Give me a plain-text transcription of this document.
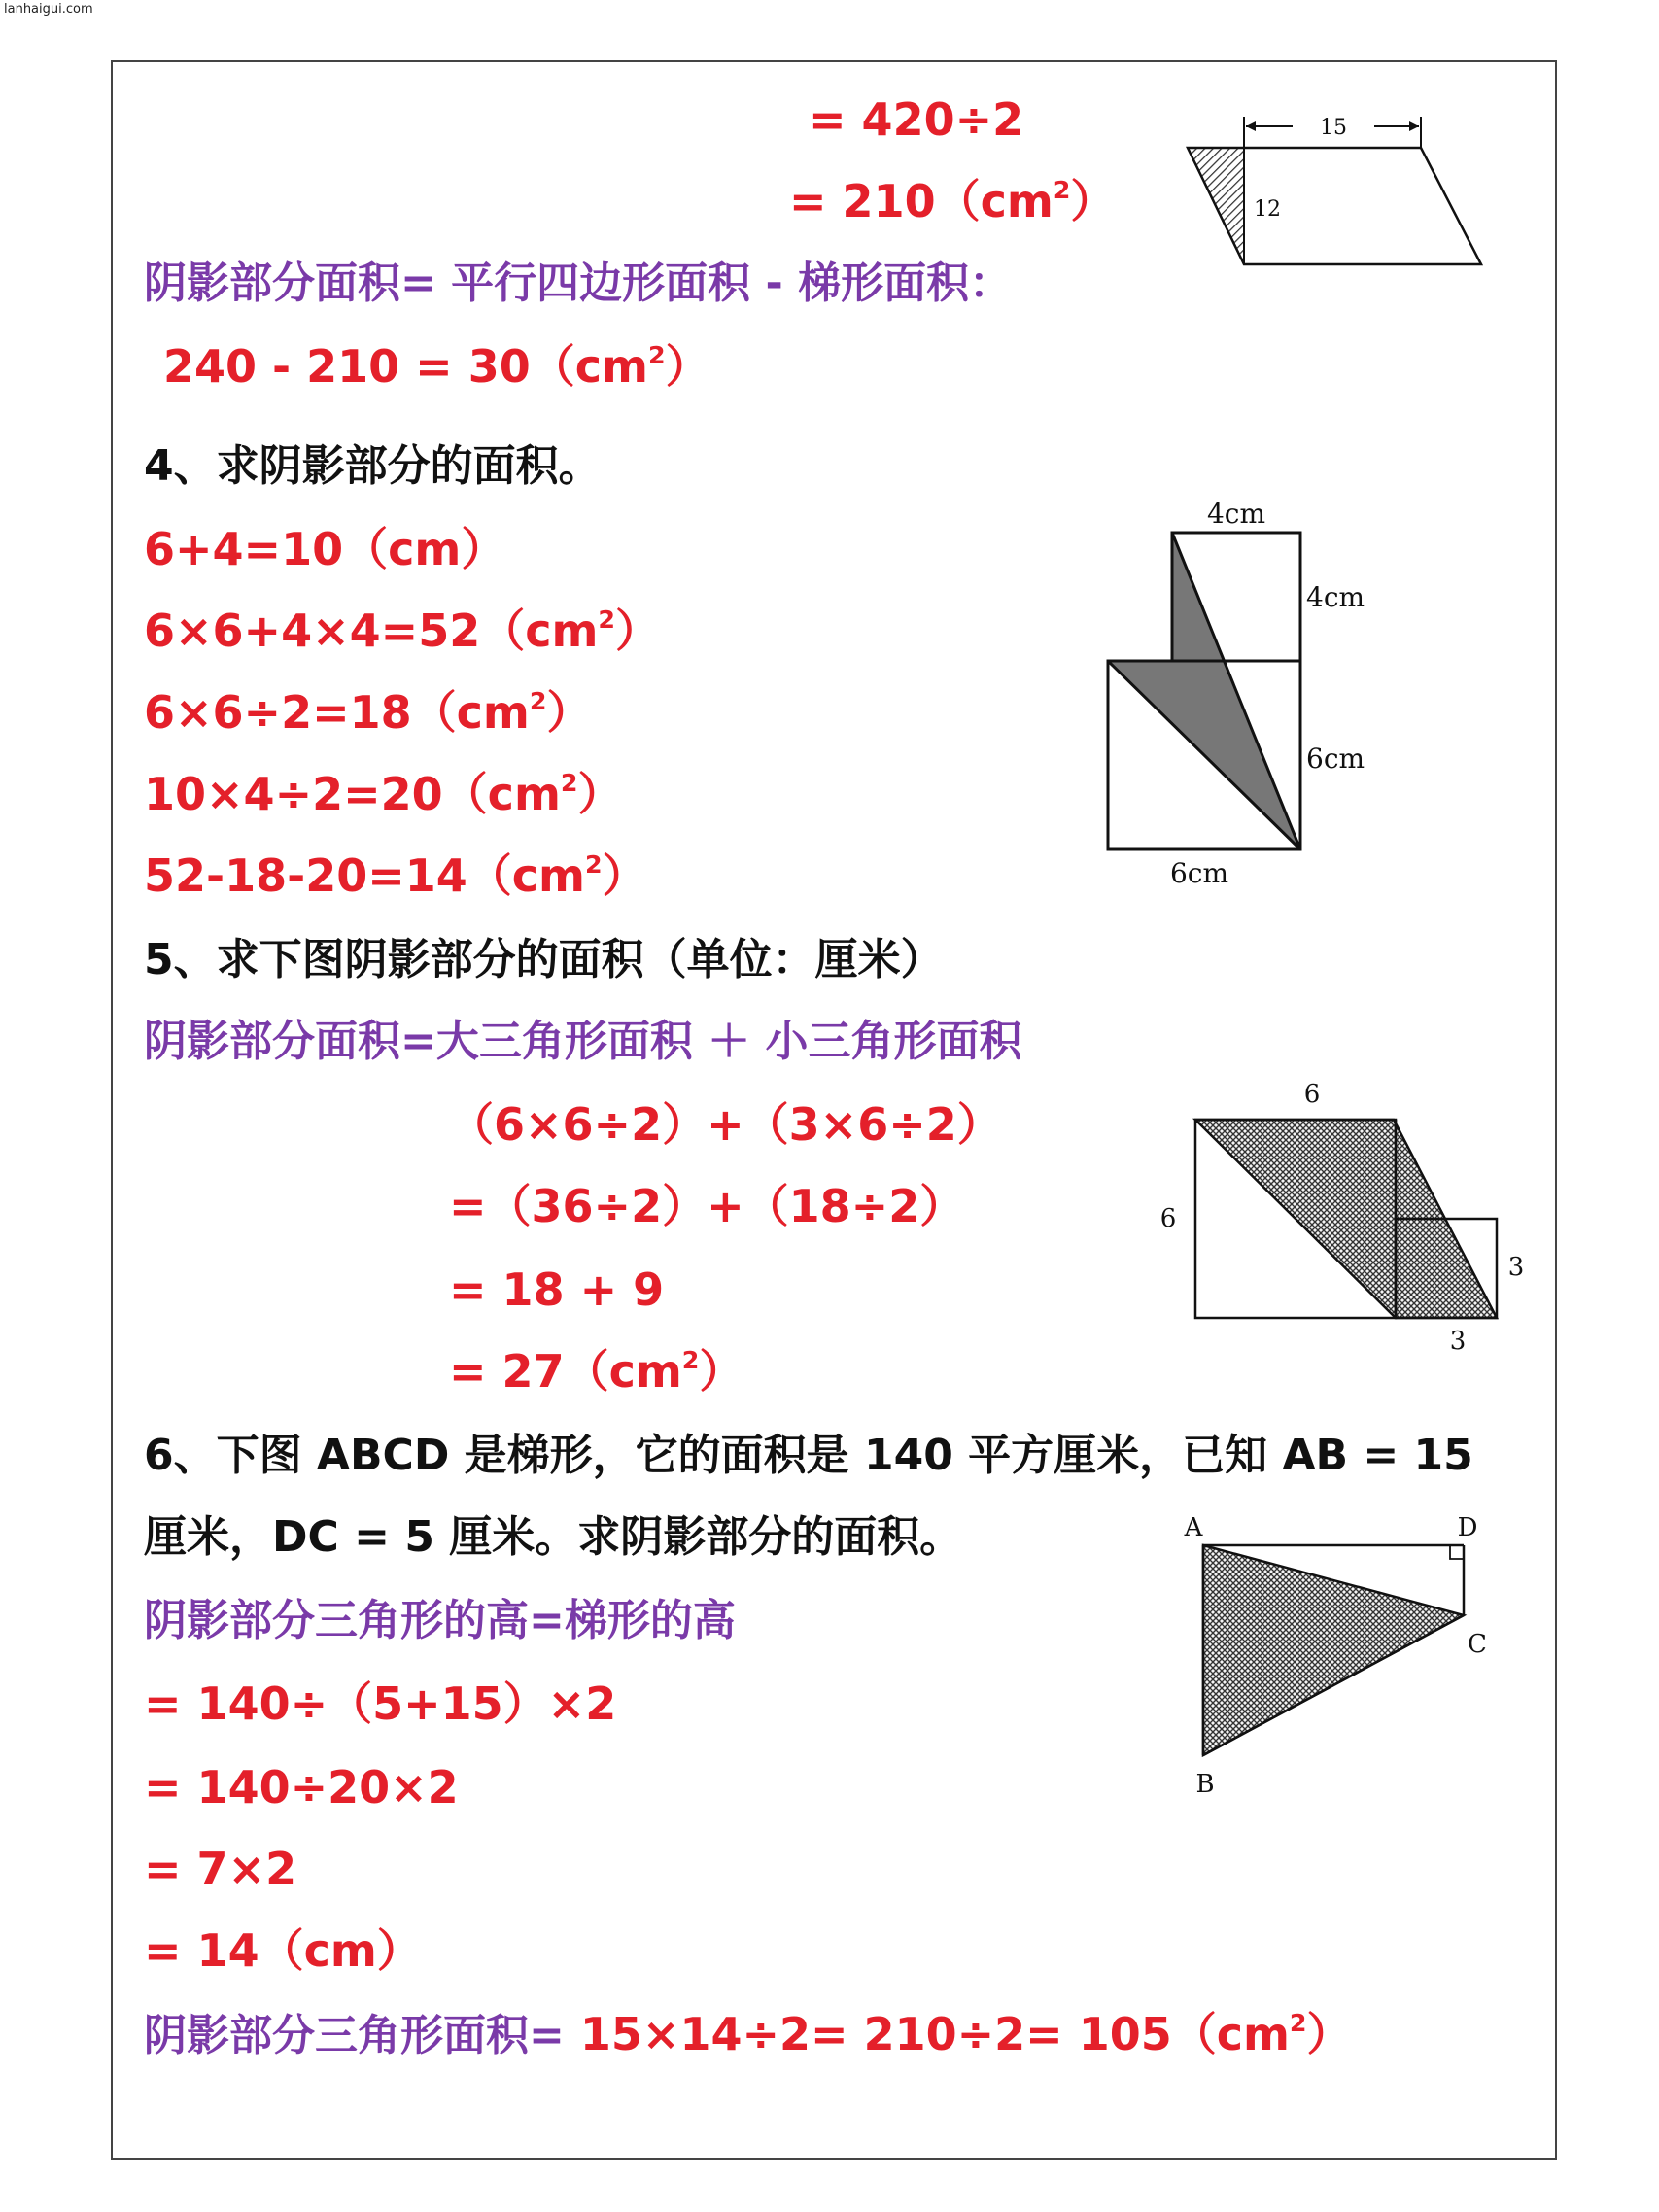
lanhaigui.com
= 420÷2
= $210(cm^2)$
阴影部分面积= 平行四边形面积 - 梯形面积：
$240 - 210 = 30(cm^2)$
4、求阴影部分的面积。
6+4=10（cm）
$6\times 6+4\times 4=52(cm^2)$
$6\times 6\div 2=18(cm^2)$
$10\times 4\div 2=20(cm^2)$
$52-18-20=14(cm^2)$
5、求下图阴影部分的面积（单位：厘米）
阴影部分面积=大三角形面积 ＋ 小三角形面积
（6×6÷2）+（3×6÷2）
=（36÷2）+（18÷2）
= 18 + 9
= $27(cm^2)$
6、下图 ABCD 是梯形，它的面积是 140 平方厘米，已知 AB = 15
厘米，DC = 5 厘米。求阴影部分的面积。
阴影部分三角形的高=梯形的高
= 140÷（5+15）×2
= 140÷20×2
= 7×2
= 14（cm）
阴影部分三角形面积= $15\times 14\div 2= 210\div 2= 105(cm^2)$
15
12
4cm
4cm
6cm
6cm
6
6
3
3
A	D
C
B
